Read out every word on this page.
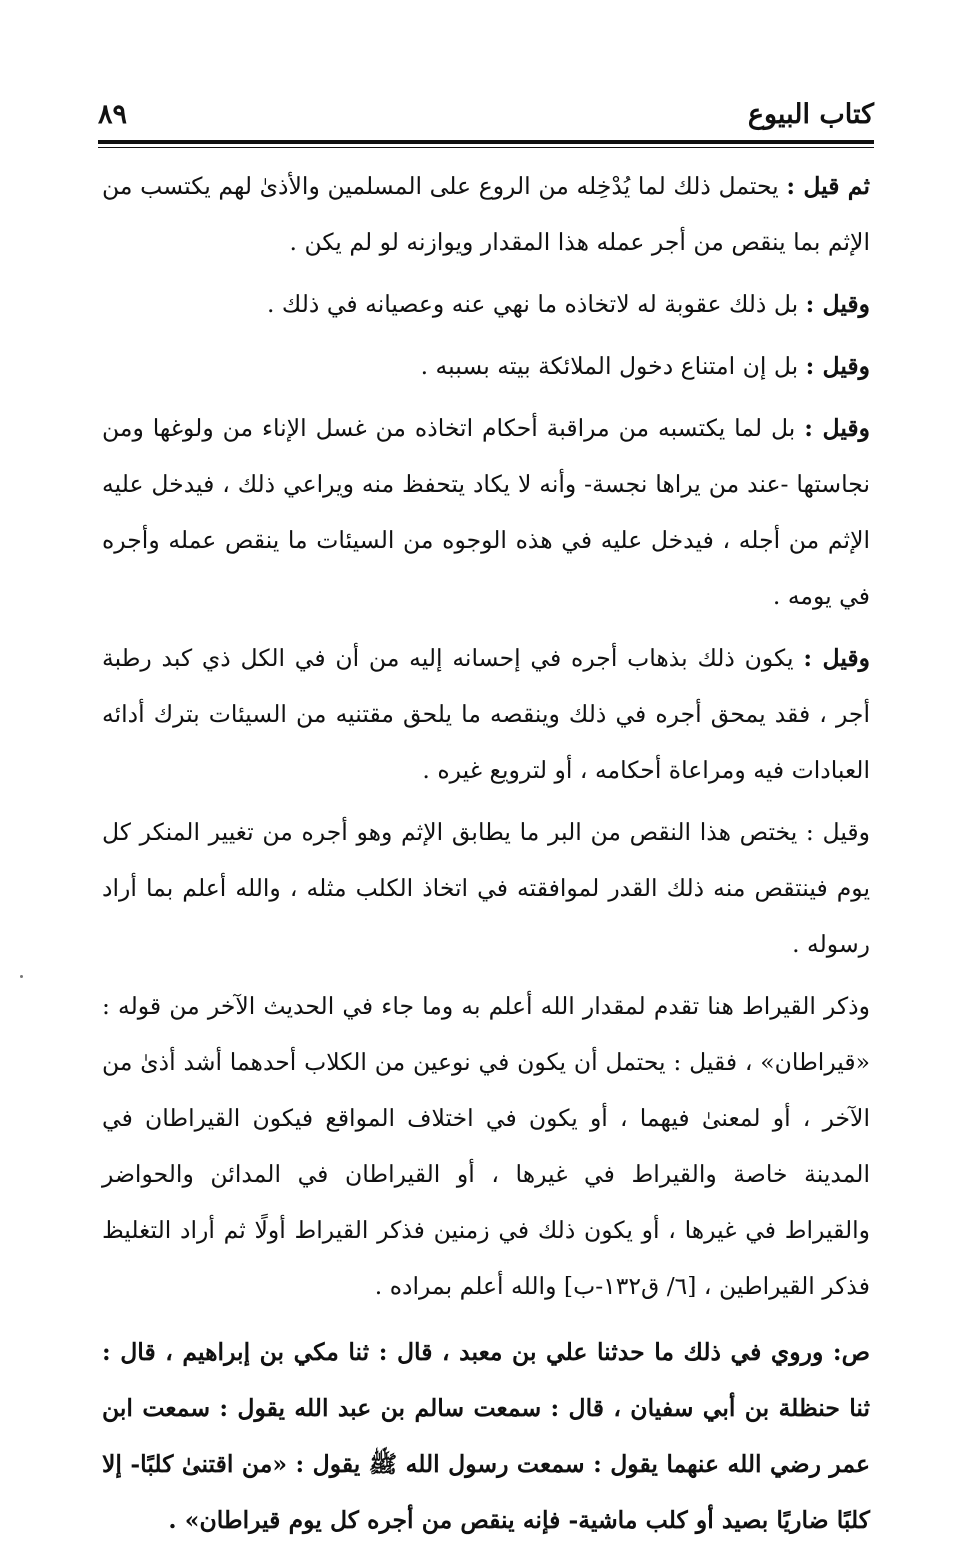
كتاب البيوع
٨٩

ثم قيل : يحتمل ذلك لما يُدْخِله من الروع على المسلمين والأذىٰ لهم يكتسب من الإثم بما ينقص من أجر عمله هذا المقدار ويوازنه لو لم يكن .

وقيل : بل ذلك عقوبة له لاتخاذه ما نهي عنه وعصيانه في ذلك .

وقيل : بل إن امتناع دخول الملائكة بيته بسببه .

وقيل : بل لما يكتسبه من مراقبة أحكام اتخاذه من غسل الإناء من ولوغها ومن نجاستها -عند من يراها نجسة- وأنه لا يكاد يتحفظ منه ويراعي ذلك ، فيدخل عليه الإثم من أجله ، فيدخل عليه في هذه الوجوه من السيئات ما ينقص عمله وأجره في يومه .

وقيل : يكون ذلك بذهاب أجره في إحسانه إليه من أن في الكل ذي كبد رطبة أجر ، فقد يمحق أجره في ذلك وينقصه ما يلحق مقتنيه من السيئات بترك أدائه العبادات فيه ومراعاة أحكامه ، أو لترويع غيره .

وقيل : يختص هذا النقص من البر ما يطابق الإثم وهو أجره من تغيير المنكر كل يوم فينتقص منه ذلك القدر لموافقته في اتخاذ الكلب مثله ، والله أعلم بما أراد رسوله .

وذكر القيراط هنا تقدم لمقدار الله أعلم به وما جاء في الحديث الآخر من قوله : «قيراطان» ، فقيل : يحتمل أن يكون في نوعين من الكلاب أحدهما أشد أذىٰ من الآخر ، أو لمعنىٰ فيهما ، أو يكون في اختلاف المواقع فيكون القيراطان في المدينة خاصة والقيراط في غيرها ، أو القيراطان في المدائن والحواضر والقيراط في غيرها ، أو يكون ذلك في زمنين فذكر القيراط أولًا ثم أراد التغليظ فذكر القيراطين ، [٦/ ق١٣٢-ب] والله أعلم بمراده .

ص: وروي في ذلك ما حدثنا علي بن معبد ، قال : ثنا مكي بن إبراهيم ، قال : ثنا حنظلة بن أبي سفيان ، قال : سمعت سالم بن عبد الله يقول : سمعت ابن عمر رضي الله عنهما يقول : سمعت رسول الله ﷺ يقول : «من اقتنىٰ كلبًا- إلا كلبًا ضاريًا بصيد أو كلب ماشية- فإنه ينقص من أجره كل يوم قيراطان» .
